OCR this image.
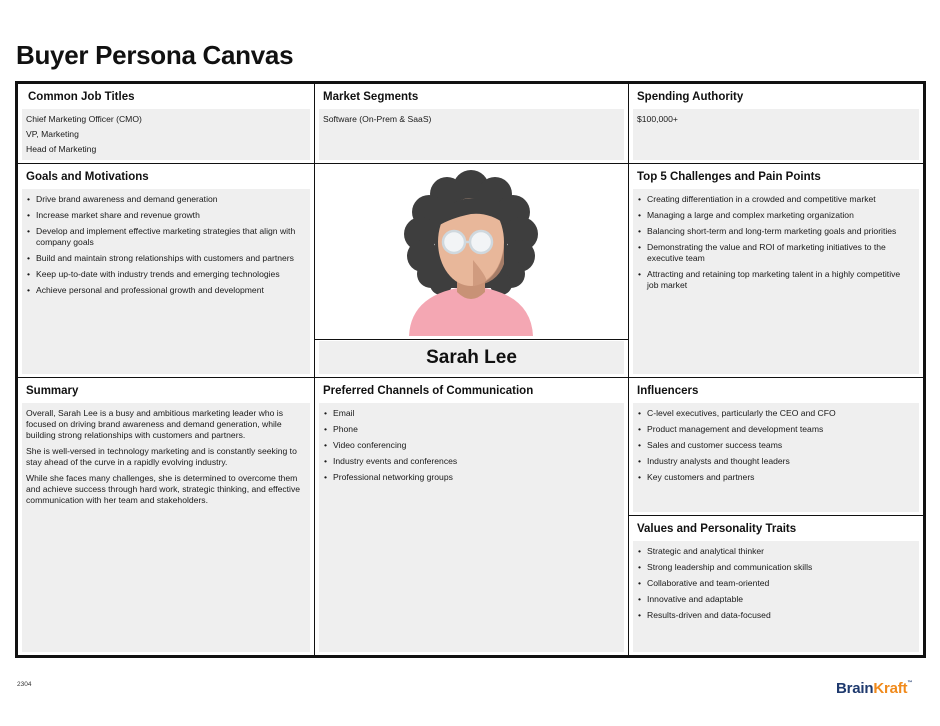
Buyer Persona Canvas
Common Job Titles
Chief Marketing Officer (CMO)
VP, Marketing
Head of Marketing
Market Segments
Software (On-Prem & SaaS)
Spending Authority
$100,000+
Goals and Motivations
• Drive brand awareness and demand generation
• Increase market share and revenue growth
• Develop and implement effective marketing strategies that align with company goals
• Build and maintain strong relationships with customers and partners
• Keep up-to-date with industry trends and emerging technologies
• Achieve personal and professional growth and development
Sarah Lee
Top 5 Challenges and Pain Points
• Creating differentiation in a crowded and competitive market
• Managing a large and complex marketing organization
• Balancing short-term and long-term marketing goals and priorities
• Demonstrating the value and ROI of marketing initiatives to the executive team
• Attracting and retaining top marketing talent in a highly competitive job market
Summary

Overall, Sarah Lee is a busy and ambitious marketing leader who is focused on driving brand awareness and demand generation, while building strong relationships with customers and partners.

She is well-versed in technology marketing and is constantly seeking to stay ahead of the curve in a rapidly evolving industry.

While she faces many challenges, she is determined to overcome them and achieve success through hard work, strategic thinking, and effective communication with her team and stakeholders.

Preferred Channels of Communication
• Email
• Phone
• Video conferencing
• Industry events and conferences
• Professional networking groups
Influencers
• C-level executives, particularly the CEO and CFO
• Product management and development teams
• Sales and customer success teams
• Industry analysts and thought leaders
• Key customers and partners
Values and Personality Traits
• Strategic and analytical thinker
• Strong leadership and communication skills
• Collaborative and team-oriented
• Innovative and adaptable
• Results-driven and data-focused
2304	BrainKraft™
